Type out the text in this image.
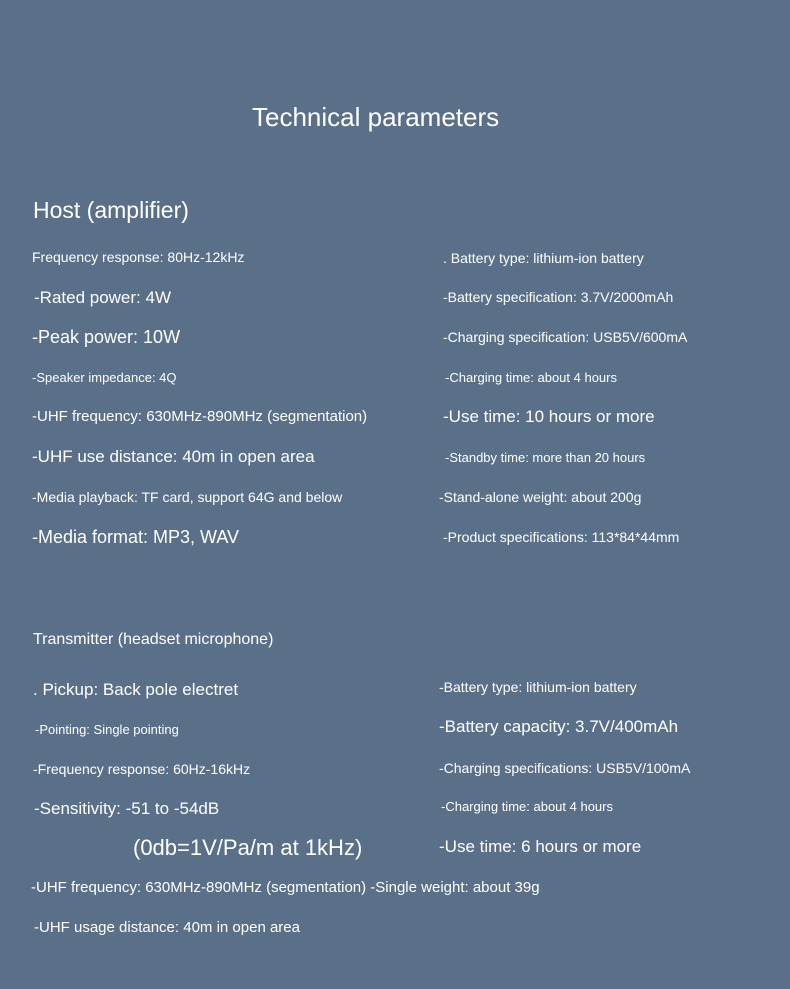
Technical parameters
Host (amplifier)
Frequency response: 80Hz-12kHz
-Rated power: 4W
-Peak power: 10W
-Speaker impedance: 4Q
-UHF frequency: 630MHz-890MHz (segmentation)
-UHF use distance: 40m in open area
-Media playback: TF card, support 64G and below
-Media format: MP3, WAV
. Battery type: lithium-ion battery
-Battery specification: 3.7V/2000mAh
-Charging specification: USB5V/600mA
-Charging time: about 4 hours
-Use time: 10 hours or more
-Standby time: more than 20 hours
-Stand-alone weight: about 200g
-Product specifications: 113*84*44mm
Transmitter (headset microphone)
. Pickup: Back pole electret
-Pointing: Single pointing
-Frequency response: 60Hz-16kHz
-Sensitivity: -51 to -54dB
(0db=1V/Pa/m at 1kHz)
-Battery type: lithium-ion battery
-Battery capacity: 3.7V/400mAh
-Charging specifications: USB5V/100mA
-Charging time: about 4 hours
-Use time: 6 hours or more
-UHF frequency: 630MHz-890MHz (segmentation) -Single weight: about 39g
-UHF usage distance: 40m in open area
